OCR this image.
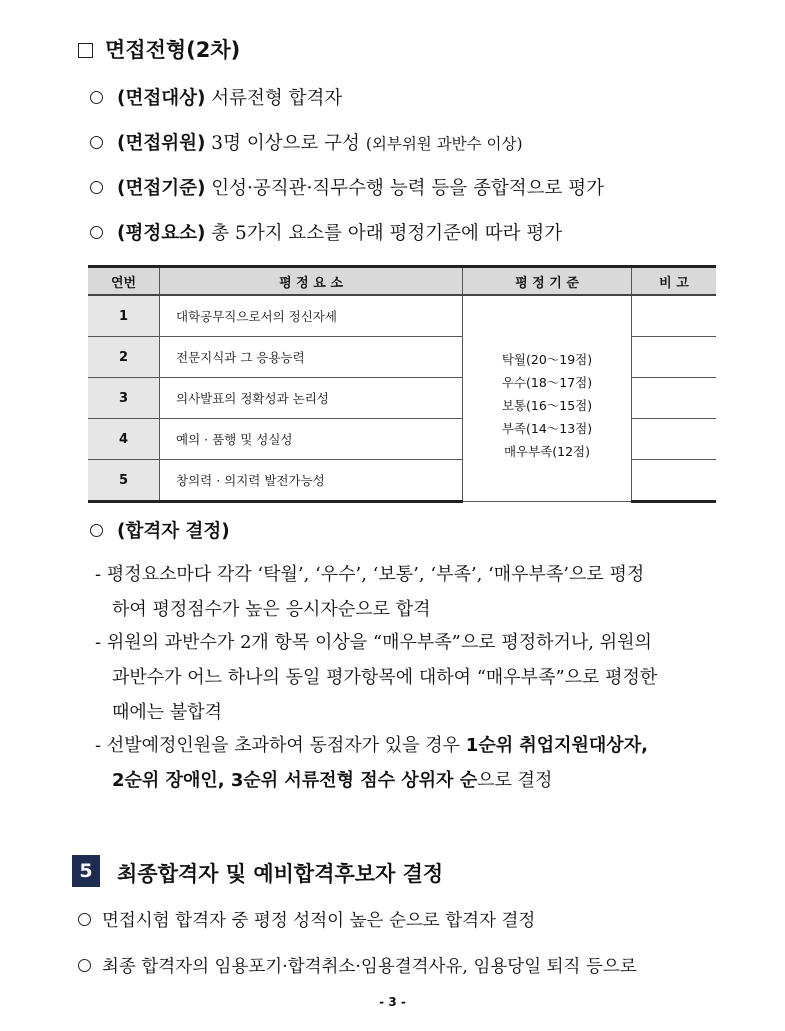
면접전형(2차)
(면접대상) 서류전형 합격자
(면접위원) 3명 이상으로 구성 (외부위원 과반수 이상)
(면접기준) 인성·공직관·직무수행 능력 등을 종합적으로 평가
(평정요소) 총 5가지 요소를 아래 평정기준에 따라 평가
연번	평 정 요 소	평 정 기 준	비 고
1	대학공무직으로서의 정신자세	탁월(20～19점)
우수(18～17점)
보통(16～15점)
부족(14～13점)
매우부족(12점)	

2	전문지식과 그 응용능력		
3	의사발표의 정확성과 논리성		
4	예의 · 품행 및 성실성		
5	창의력 · 의지력 발전가능성		
(합격자 결정)
- 평정요소마다 각각 ‘탁월’, ‘우수’, ‘보통’, ‘부족’, ‘매우부족’으로 평정
하여 평정점수가 높은 응시자순으로 합격
- 위원의 과반수가 2개 항목 이상을 “매우부족”으로 평정하거나, 위원의
과반수가 어느 하나의 동일 평가항목에 대하여 “매우부족”으로 평정한
때에는 불합격
- 선발예정인원을 초과하여 동점자가 있을 경우 1순위 취업지원대상자,
2순위 장애인, 3순위 서류전형 점수 상위자 순으로 결정
5	최종합격자 및 예비합격후보자 결정
면접시험 합격자 중 평정 성적이 높은 순으로 합격자 결정
최종 합격자의 임용포기·합격취소·임용결격사유, 임용당일 퇴직 등으로
- 3 -
